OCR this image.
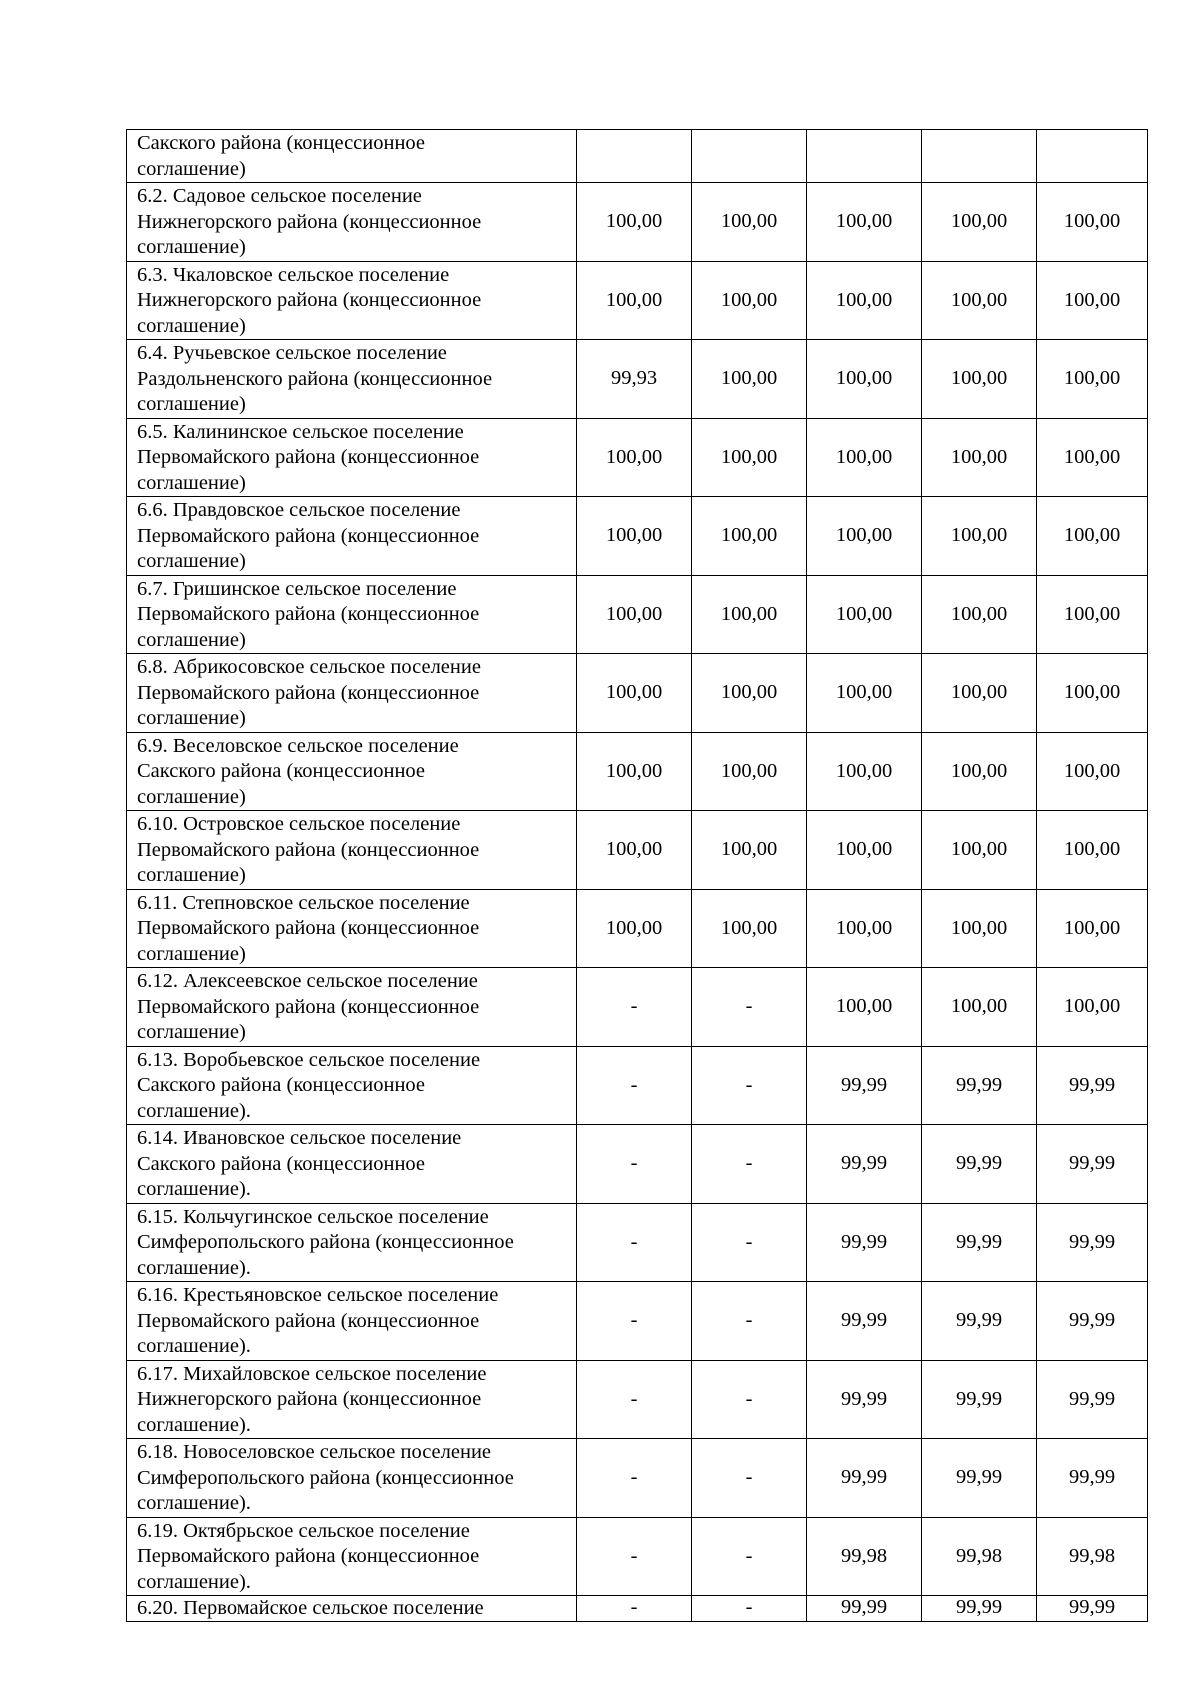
Сакского района (концессионное
соглашение)					
6.2. Садовое сельское поселение
Нижнегорского района (концессионное
соглашение)	100,00	100,00	100,00	100,00	100,00
6.3. Чкаловское сельское поселение
Нижнегорского района (концессионное
соглашение)	100,00	100,00	100,00	100,00	100,00
6.4. Ручьевское сельское поселение
Раздольненского района (концессионное
соглашение)	99,93	100,00	100,00	100,00	100,00
6.5. Калининское сельское поселение
Первомайского района (концессионное
соглашение)	100,00	100,00	100,00	100,00	100,00
6.6. Правдовское сельское поселение
Первомайского района (концессионное
соглашение)	100,00	100,00	100,00	100,00	100,00
6.7. Гришинское сельское поселение
Первомайского района (концессионное
соглашение)	100,00	100,00	100,00	100,00	100,00
6.8. Абрикосовское сельское поселение
Первомайского района (концессионное
соглашение)	100,00	100,00	100,00	100,00	100,00
6.9. Веселовское сельское поселение
Сакского района (концессионное
соглашение)	100,00	100,00	100,00	100,00	100,00
6.10. Островское сельское поселение
Первомайского района (концессионное
соглашение)	100,00	100,00	100,00	100,00	100,00
6.11. Степновское сельское поселение
Первомайского района (концессионное
соглашение)	100,00	100,00	100,00	100,00	100,00
6.12. Алексеевское сельское поселение
Первомайского района (концессионное
соглашение)	-	-	100,00	100,00	100,00
6.13. Воробьевское сельское поселение
Сакского района (концессионное
соглашение).	-	-	99,99	99,99	99,99
6.14. Ивановское сельское поселение
Сакского района (концессионное
соглашение).	-	-	99,99	99,99	99,99
6.15. Кольчугинское сельское поселение
Симферопольского района (концессионное
соглашение).	-	-	99,99	99,99	99,99
6.16. Крестьяновское сельское поселение
Первомайского района (концессионное
соглашение).	-	-	99,99	99,99	99,99
6.17. Михайловское сельское поселение
Нижнегорского района (концессионное
соглашение).	-	-	99,99	99,99	99,99
6.18. Новоселовское сельское поселение
Симферопольского района (концессионное
соглашение).	-	-	99,99	99,99	99,99
6.19. Октябрьское сельское поселение
Первомайского района (концессионное
соглашение).	-	-	99,98	99,98	99,98
6.20. Первомайское сельское поселение	-	-	99,99	99,99	99,99
